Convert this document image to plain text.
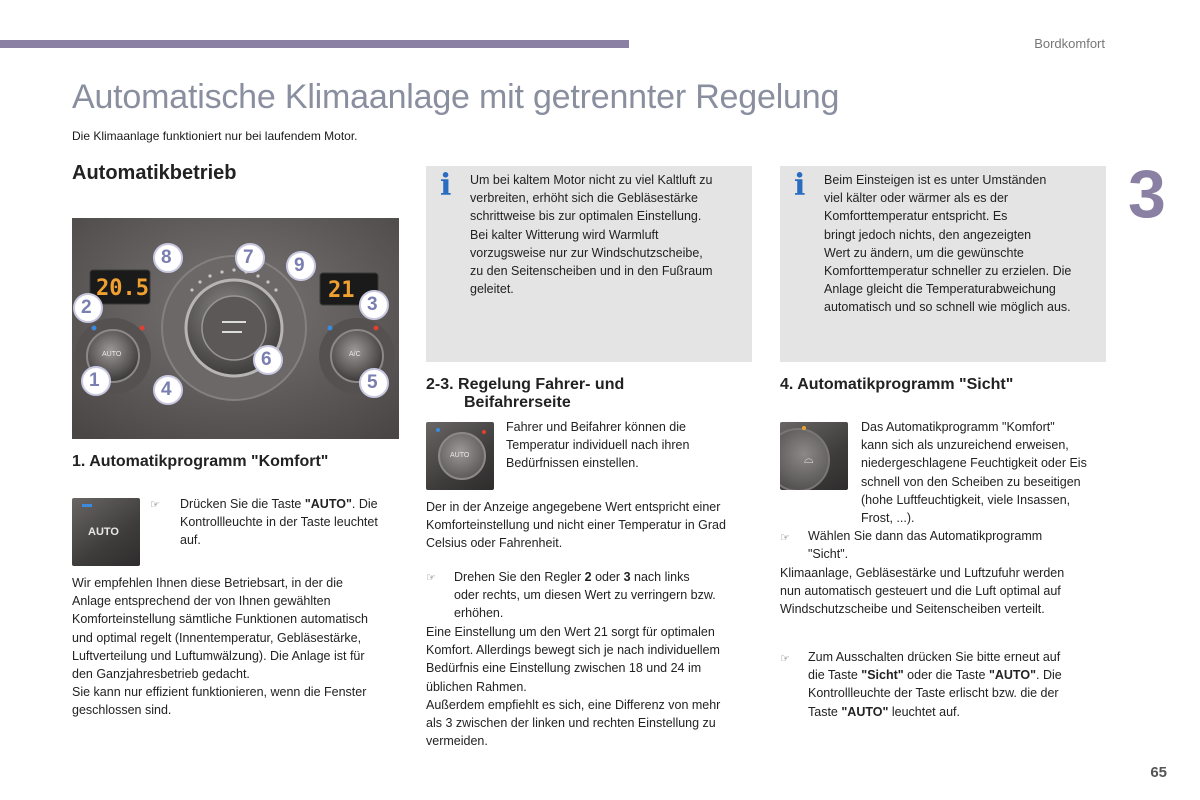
Bordkomfort
3
Automatische Klimaanlage mit getrennter Regelung
Die Klimaanlage funktioniert nur bei laufendem Motor.
Automatikbetrieb
20.5	21
AUTO	A/C
1
2	3
4	5
6
7
8	9
1. Automatikprogramm "Komfort"
AUTO
☞ Drücken Sie die Taste "AUTO". Die
Kontrollleuchte in der Taste leuchtet
auf.
Wir empfehlen Ihnen diese Betriebsart, in der die
Anlage entsprechend der von Ihnen gewählten
Komforteinstellung sämtliche Funktionen automatisch
und optimal regelt (Innentemperatur, Gebläsestärke,
Luftverteilung und Luftumwälzung). Die Anlage ist für
den Ganzjahresbetrieb gedacht.
Sie kann nur effizient funktionieren, wenn die Fenster
geschlossen sind.
i Um bei kaltem Motor nicht zu viel Kaltluft zu
verbreiten, erhöht sich die Gebläsestärke
schrittweise bis zur optimalen Einstellung.
Bei kalter Witterung wird Warmluft
vorzugsweise nur zur Windschutzscheibe,
zu den Seitenscheiben und in den Fußraum
geleitet.
2-3. Regelung Fahrer- und
Beifahrerseite
AUTO
Fahrer und Beifahrer können die
Temperatur individuell nach ihren
Bedürfnissen einstellen.
Der in der Anzeige angegebene Wert entspricht einer
Komforteinstellung und nicht einer Temperatur in Grad
Celsius oder Fahrenheit.
☞ Drehen Sie den Regler 2 oder 3 nach links
oder rechts, um diesen Wert zu verringern bzw.
erhöhen.
Eine Einstellung um den Wert 21 sorgt für optimalen
Komfort. Allerdings bewegt sich je nach individuellem
Bedürfnis eine Einstellung zwischen 18 und 24 im
üblichen Rahmen.
Außerdem empfiehlt es sich, eine Differenz von mehr
als 3 zwischen der linken und rechten Einstellung zu
vermeiden.
i Beim Einsteigen ist es unter Umständen
viel kälter oder wärmer als es der
Komforttemperatur entspricht. Es
bringt jedoch nichts, den angezeigten
Wert zu ändern, um die gewünschte
Komforttemperatur schneller zu erzielen. Die
Anlage gleicht die Temperaturabweichung
automatisch und so schnell wie möglich aus.
4. Automatikprogramm "Sicht"
⌓
Das Automatikprogramm "Komfort"
kann sich als unzureichend erweisen,
niedergeschlagene Feuchtigkeit oder Eis
schnell von den Scheiben zu beseitigen
(hohe Luftfeuchtigkeit, viele Insassen,
Frost, ...).
☞ Wählen Sie dann das Automatikprogramm
"Sicht".
Klimaanlage, Gebläsestärke und Luftzufuhr werden
nun automatisch gesteuert und die Luft optimal auf
Windschutzscheibe und Seitenscheiben verteilt.
☞ Zum Ausschalten drücken Sie bitte erneut auf
die Taste "Sicht" oder die Taste "AUTO". Die
Kontrollleuchte der Taste erlischt bzw. die der
Taste "AUTO" leuchtet auf.
65
